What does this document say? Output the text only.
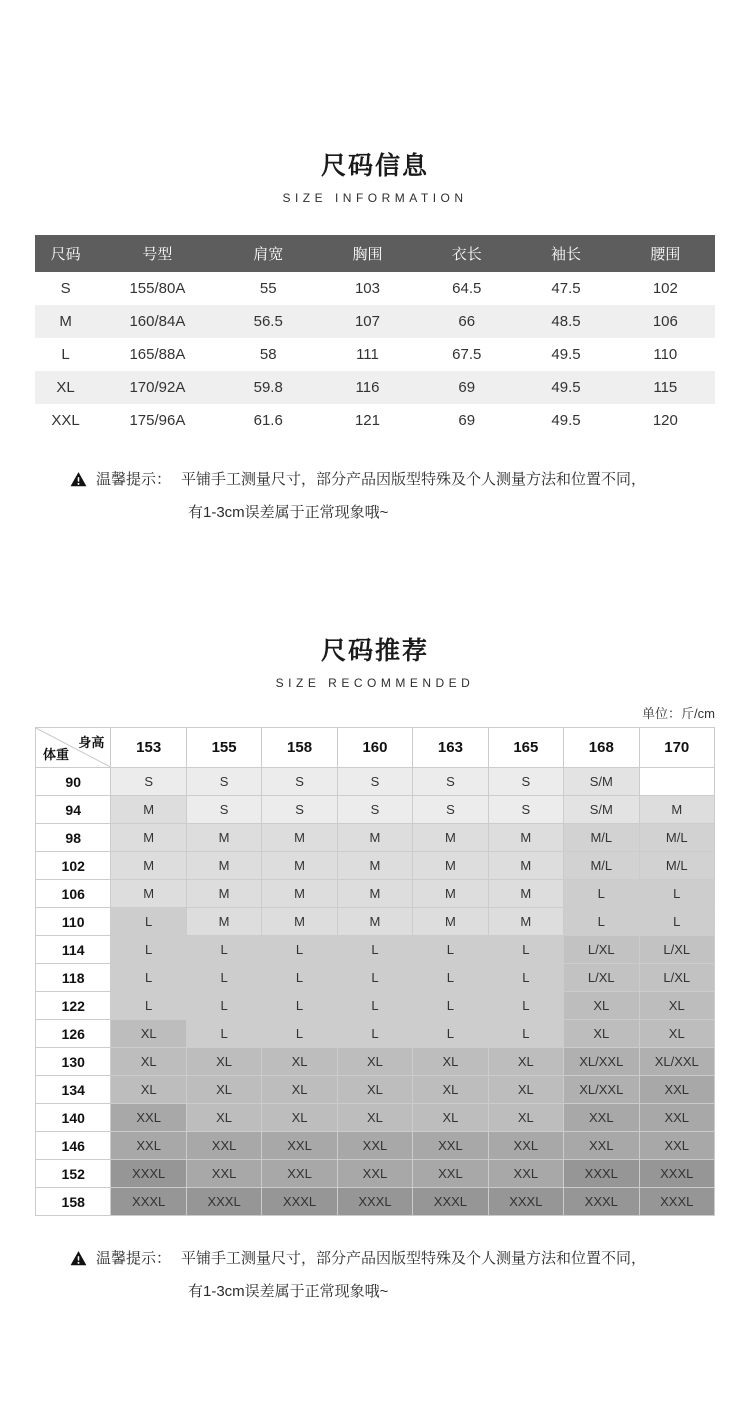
尺码信息
SIZE INFORMATION
尺码	号型	肩宽	胸围	衣长	袖长	腰围
S	155/80A	55	103	64.5	47.5	102
M	160/84A	56.5	107	66	48.5	106
L	165/88A	58	111	67.5	49.5	110
XL	170/92A	59.8	116	69	49.5	115
XXL	175/96A	61.6	121	69	49.5	120
温馨提示： 平铺手工测量尺寸，部分产品因版型特殊及个人测量方法和位置不同，
有1-3cm误差属于正常现象哦~
尺码推荐
SIZE RECOMMENDED
单位：斤/cm
身高
体重	153	155	158	160	163	165	168	170
90	S	S	S	S	S	S	S/M	
94	M	S	S	S	S	S	S/M	M
98	M	M	M	M	M	M	M/L	M/L
102	M	M	M	M	M	M	M/L	M/L
106	M	M	M	M	M	M	L	L
110	L	M	M	M	M	M	L	L
114	L	L	L	L	L	L	L/XL	L/XL
118	L	L	L	L	L	L	L/XL	L/XL
122	L	L	L	L	L	L	XL	XL
126	XL	L	L	L	L	L	XL	XL
130	XL	XL	XL	XL	XL	XL	XL/XXL	XL/XXL
134	XL	XL	XL	XL	XL	XL	XL/XXL	XXL
140	XXL	XL	XL	XL	XL	XL	XXL	XXL
146	XXL	XXL	XXL	XXL	XXL	XXL	XXL	XXL
152	XXXL	XXL	XXL	XXL	XXL	XXL	XXXL	XXXL
158	XXXL	XXXL	XXXL	XXXL	XXXL	XXXL	XXXL	XXXL
温馨提示： 平铺手工测量尺寸，部分产品因版型特殊及个人测量方法和位置不同，
有1-3cm误差属于正常现象哦~
